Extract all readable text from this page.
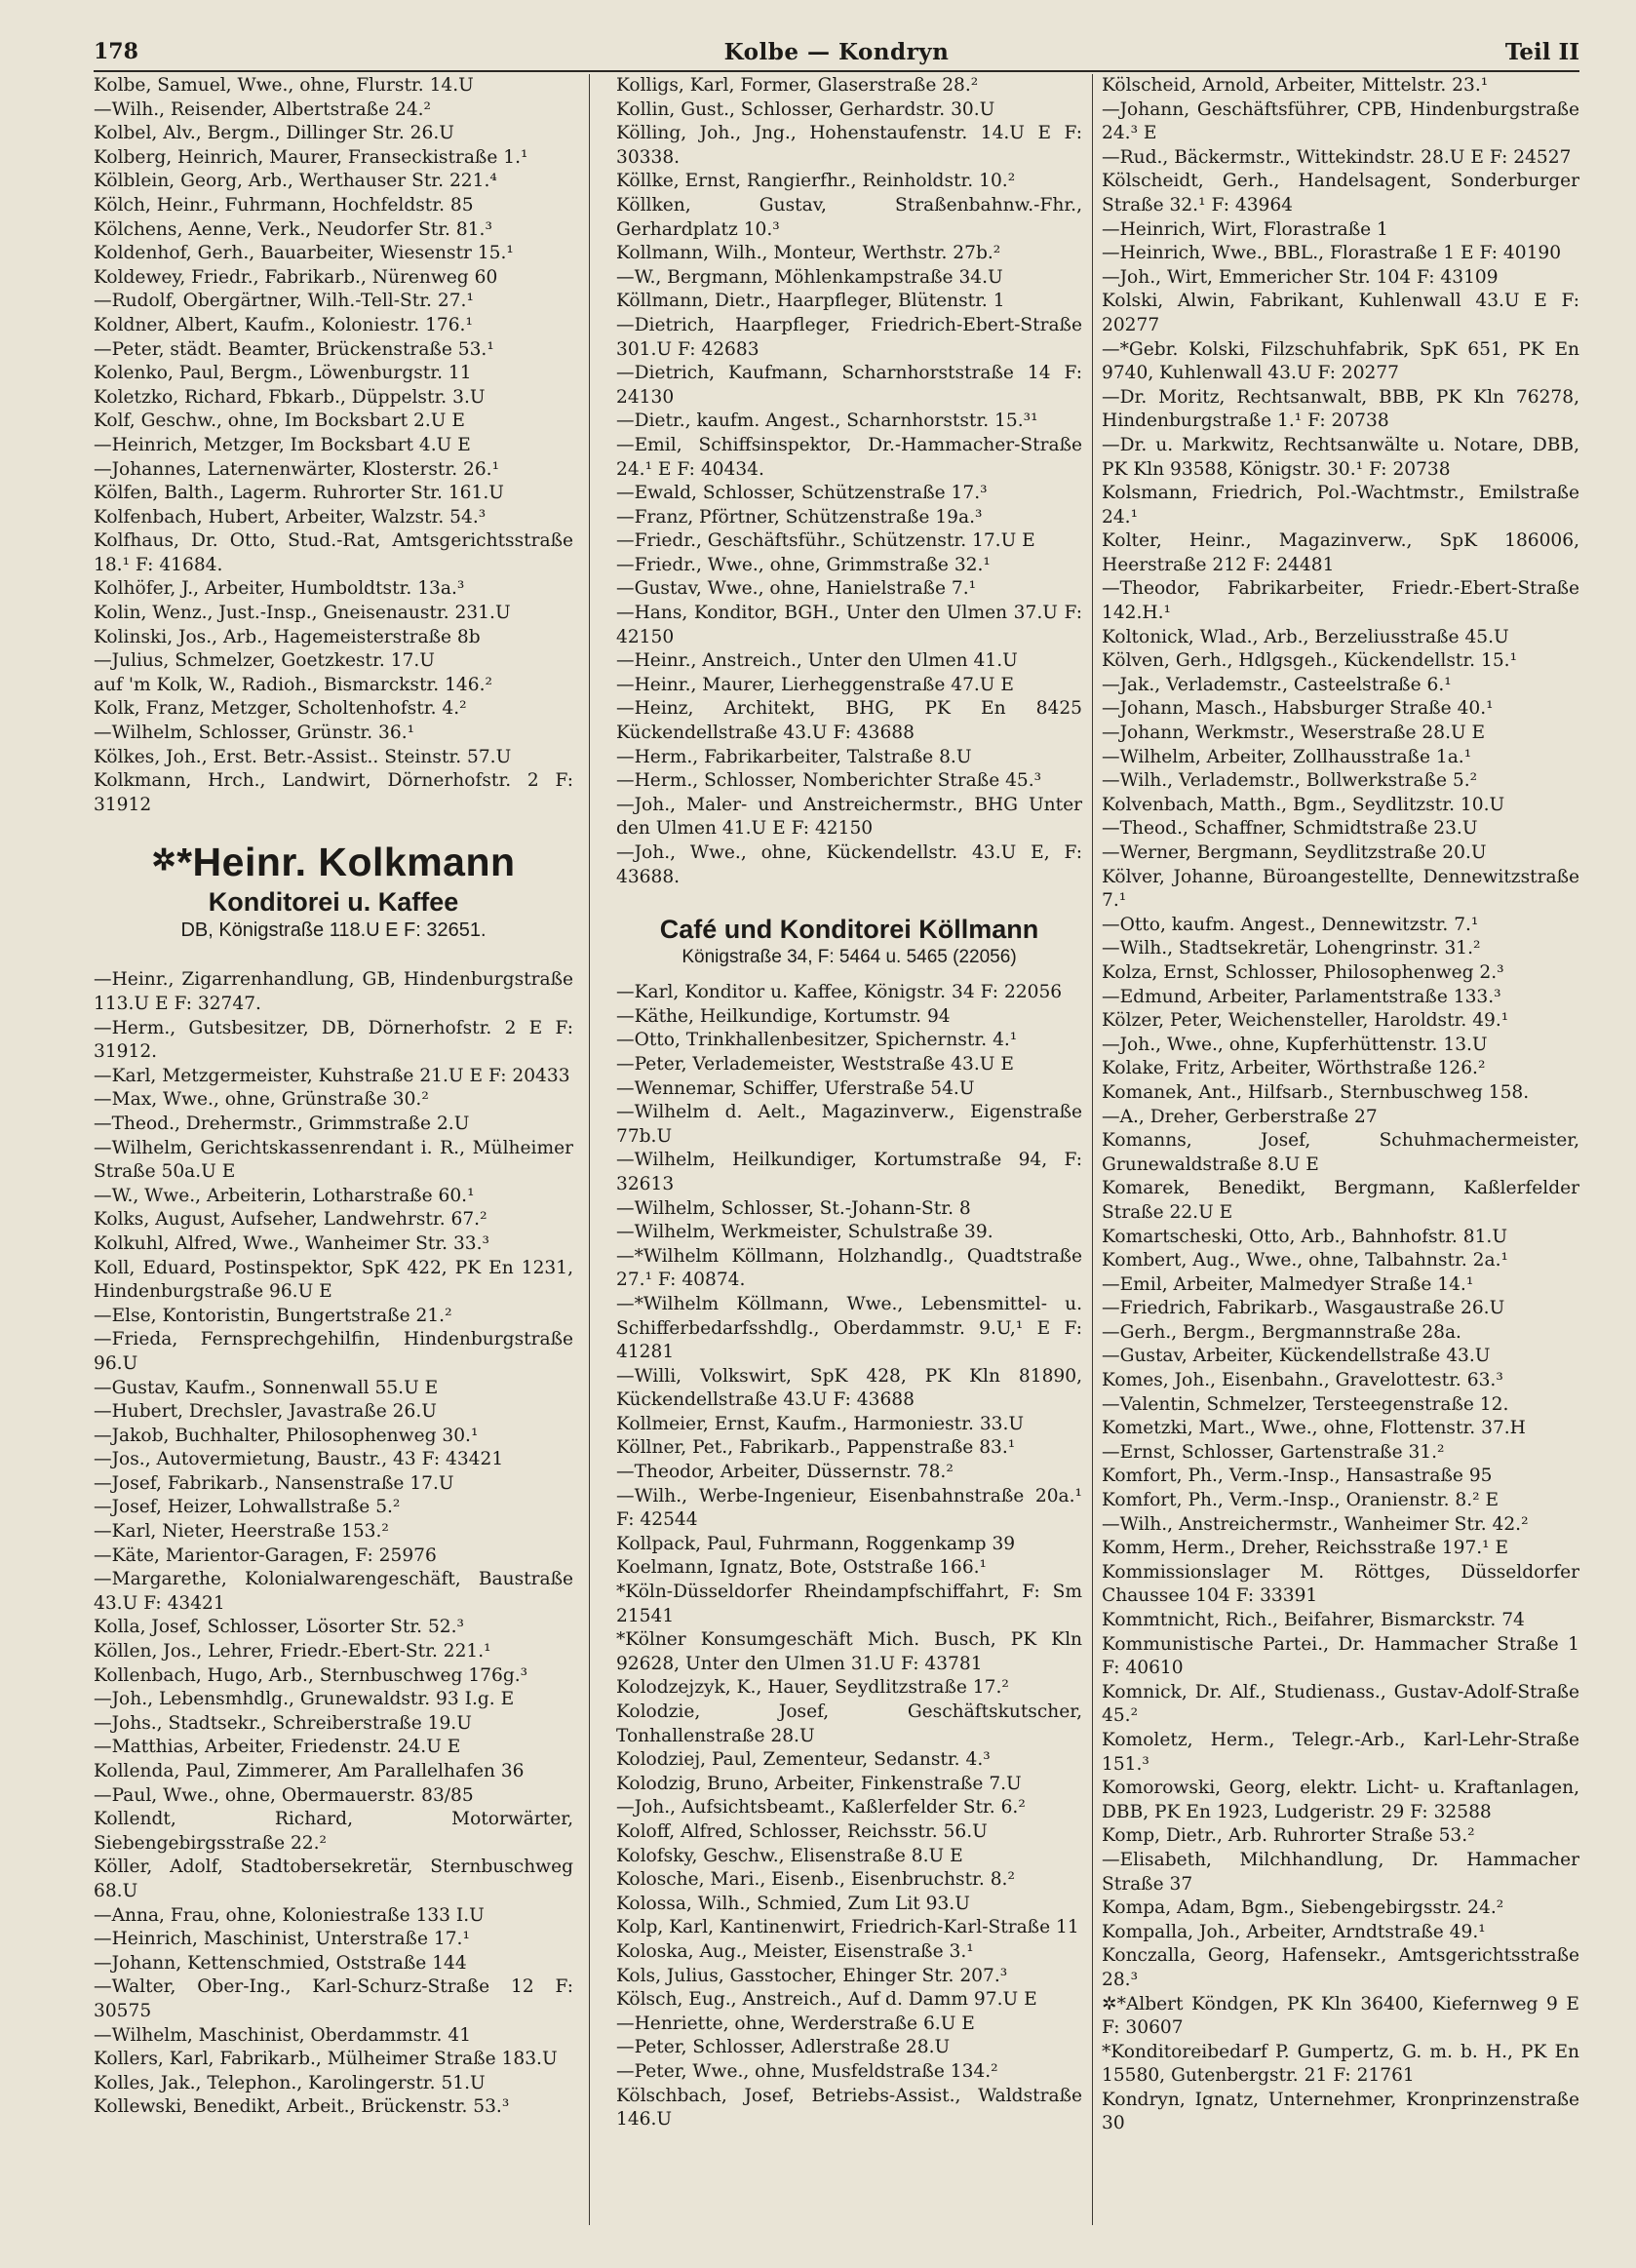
178	Kolbe — Kondryn	Teil II
Kolbe, Samuel, Wwe., ohne, Flurstr. 14.U
—Wilh., Reisender, Albertstraße 24.²
Kolbel, Alv., Bergm., Dillinger Str. 26.U
Kolberg, Heinrich, Maurer, Franseckistraße 1.¹
Kölblein, Georg, Arb., Werthauser Str. 221.⁴
Kölch, Heinr., Fuhrmann, Hochfeldstr. 85
Kölchens, Aenne, Verk., Neudorfer Str. 81.³
Koldenhof, Gerh., Bauarbeiter, Wiesenstr 15.¹
Koldewey, Friedr., Fabrikarb., Nürenweg 60
—Rudolf, Obergärtner, Wilh.-Tell-Str. 27.¹
Koldner, Albert, Kaufm., Koloniestr. 176.¹
—Peter, städt. Beamter, Brückenstraße 53.¹
Kolenko, Paul, Bergm., Löwenburgstr. 11
Koletzko, Richard, Fbkarb., Düppelstr. 3.U
Kolf, Geschw., ohne, Im Bocksbart 2.U E
—Heinrich, Metzger, Im Bocksbart 4.U E
—Johannes, Laternenwärter, Klosterstr. 26.¹
Kölfen, Balth., Lagerm. Ruhrorter Str. 161.U
Kolfenbach, Hubert, Arbeiter, Walzstr. 54.³
Kolfhaus, Dr. Otto, Stud.-Rat, Amtsgerichtsstraße 18.¹ F: 41684.
Kolhöfer, J., Arbeiter, Humboldtstr. 13a.³
Kolin, Wenz., Just.-Insp., Gneisenaustr. 231.U
Kolinski, Jos., Arb., Hagemeisterstraße 8b
—Julius, Schmelzer, Goetzkestr. 17.U
auf 'm Kolk, W., Radioh., Bismarckstr. 146.²
Kolk, Franz, Metzger, Scholtenhofstr. 4.²
—Wilhelm, Schlosser, Grünstr. 36.¹
Kölkes, Joh., Erst. Betr.-Assist.. Steinstr. 57.U
Kolkmann, Hrch., Landwirt, Dörnerhofstr. 2 F: 31912
✲*Heinr. Kolkmann
Konditorei u. Kaffee
DB, Königstraße 118.U E F: 32651.
—Heinr., Zigarrenhandlung, GB, Hindenburgstraße 113.U E F: 32747.
—Herm., Gutsbesitzer, DB, Dörnerhofstr. 2 E F: 31912.
—Karl, Metzgermeister, Kuhstraße 21.U E F: 20433
—Max, Wwe., ohne, Grünstraße 30.²
—Theod., Drehermstr., Grimmstraße 2.U
—Wilhelm, Gerichtskassenrendant i. R., Mülheimer Straße 50a.U E
—W., Wwe., Arbeiterin, Lotharstraße 60.¹
Kolks, August, Aufseher, Landwehrstr. 67.²
Kolkuhl, Alfred, Wwe., Wanheimer Str. 33.³
Koll, Eduard, Postinspektor, SpK 422, PK En 1231, Hindenburgstraße 96.U E
—Else, Kontoristin, Bungertstraße 21.²
—Frieda, Fernsprechgehilfin, Hindenburgstraße 96.U
—Gustav, Kaufm., Sonnenwall 55.U E
—Hubert, Drechsler, Javastraße 26.U
—Jakob, Buchhalter, Philosophenweg 30.¹
—Jos., Autovermietung, Baustr., 43 F: 43421
—Josef, Fabrikarb., Nansenstraße 17.U
—Josef, Heizer, Lohwallstraße 5.²
—Karl, Nieter, Heerstraße 153.²
—Käte, Marientor-Garagen, F: 25976
—Margarethe, Kolonialwarengeschäft, Baustraße 43.U F: 43421
Kolla, Josef, Schlosser, Lösorter Str. 52.³
Köllen, Jos., Lehrer, Friedr.-Ebert-Str. 221.¹
Kollenbach, Hugo, Arb., Sternbuschweg 176g.³
—Joh., Lebensmhdlg., Grunewaldstr. 93 I.g. E
—Johs., Stadtsekr., Schreiberstraße 19.U
—Matthias, Arbeiter, Friedenstr. 24.U E
Kollenda, Paul, Zimmerer, Am Parallelhafen 36
—Paul, Wwe., ohne, Obermauerstr. 83/85
Kollendt, Richard, Motorwärter, Siebengebirgsstraße 22.²
Köller, Adolf, Stadtobersekretär, Sternbuschweg 68.U
—Anna, Frau, ohne, Koloniestraße 133 I.U
—Heinrich, Maschinist, Unterstraße 17.¹
—Johann, Kettenschmied, Oststraße 144
—Walter, Ober-Ing., Karl-Schurz-Straße 12 F: 30575
—Wilhelm, Maschinist, Oberdammstr. 41
Kollers, Karl, Fabrikarb., Mülheimer Straße 183.U
Kolles, Jak., Telephon., Karolingerstr. 51.U
Kollewski, Benedikt, Arbeit., Brückenstr. 53.³
Kolligs, Karl, Former, Glaserstraße 28.²
Kollin, Gust., Schlosser, Gerhardstr. 30.U
Kölling, Joh., Jng., Hohenstaufenstr. 14.U E F: 30338.
Köllke, Ernst, Rangierfhr., Reinholdstr. 10.²
Köllken, Gustav, Straßenbahnw.-Fhr., Gerhardplatz 10.³
Kollmann, Wilh., Monteur, Werthstr. 27b.²
—W., Bergmann, Möhlenkampstraße 34.U
Köllmann, Dietr., Haarpfleger, Blütenstr. 1
—Dietrich, Haarpfleger, Friedrich-Ebert-Straße 301.U F: 42683
—Dietrich, Kaufmann, Scharnhorststraße 14 F: 24130
—Dietr., kaufm. Angest., Scharnhorststr. 15.³¹
—Emil, Schiffsinspektor, Dr.-Hammacher-Straße 24.¹ E F: 40434.
—Ewald, Schlosser, Schützenstraße 17.³
—Franz, Pförtner, Schützenstraße 19a.³
—Friedr., Geschäftsführ., Schützenstr. 17.U E
—Friedr., Wwe., ohne, Grimmstraße 32.¹
—Gustav, Wwe., ohne, Hanielstraße 7.¹
—Hans, Konditor, BGH., Unter den Ulmen 37.U F: 42150
—Heinr., Anstreich., Unter den Ulmen 41.U
—Heinr., Maurer, Lierheggenstraße 47.U E
—Heinz, Architekt, BHG, PK En 8425 Kückendellstraße 43.U F: 43688
—Herm., Fabrikarbeiter, Talstraße 8.U
—Herm., Schlosser, Nomberichter Straße 45.³
—Joh., Maler- und Anstreichermstr., BHG Unter den Ulmen 41.U E F: 42150
—Joh., Wwe., ohne, Kückendellstr. 43.U E, F: 43688.
Café und Konditorei Köllmann
Königstraße 34, F: 5464 u. 5465 (22056)
—Karl, Konditor u. Kaffee, Königstr. 34 F: 22056
—Käthe, Heilkundige, Kortumstr. 94
—Otto, Trinkhallenbesitzer, Spichernstr. 4.¹
—Peter, Verlademeister, Weststraße 43.U E
—Wennemar, Schiffer, Uferstraße 54.U
—Wilhelm d. Aelt., Magazinverw., Eigenstraße 77b.U
—Wilhelm, Heilkundiger, Kortumstraße 94, F: 32613
—Wilhelm, Schlosser, St.-Johann-Str. 8
—Wilhelm, Werkmeister, Schulstraße 39.
—*Wilhelm Köllmann, Holzhandlg., Quadtstraße 27.¹ F: 40874.
—*Wilhelm Köllmann, Wwe., Lebensmittel- u. Schifferbedarfsshdlg., Oberdammstr. 9.U,¹ E F: 41281
—Willi, Volkswirt, SpK 428, PK Kln 81890, Kückendellstraße 43.U F: 43688
Kollmeier, Ernst, Kaufm., Harmoniestr. 33.U
Köllner, Pet., Fabrikarb., Pappenstraße 83.¹
—Theodor, Arbeiter, Düssernstr. 78.²
—Wilh., Werbe-Ingenieur, Eisenbahnstraße 20a.¹ F: 42544
Kollpack, Paul, Fuhrmann, Roggenkamp 39
Koelmann, Ignatz, Bote, Oststraße 166.¹
*Köln-Düsseldorfer Rheindampfschiffahrt, F: Sm 21541
*Kölner Konsumgeschäft Mich. Busch, PK Kln 92628, Unter den Ulmen 31.U F: 43781
Kolodzejzyk, K., Hauer, Seydlitzstraße 17.²
Kolodzie, Josef, Geschäftskutscher, Tonhallenstraße 28.U
Kolodziej, Paul, Zementeur, Sedanstr. 4.³
Kolodzig, Bruno, Arbeiter, Finkenstraße 7.U
—Joh., Aufsichtsbeamt., Kaßlerfelder Str. 6.²
Koloff, Alfred, Schlosser, Reichsstr. 56.U
Kolofsky, Geschw., Elisenstraße 8.U E
Kolosche, Mari., Eisenb., Eisenbruchstr. 8.²
Kolossa, Wilh., Schmied, Zum Lit 93.U
Kolp, Karl, Kantinenwirt, Friedrich-Karl-Straße 11
Koloska, Aug., Meister, Eisenstraße 3.¹
Kols, Julius, Gasstocher, Ehinger Str. 207.³
Kölsch, Eug., Anstreich., Auf d. Damm 97.U E
—Henriette, ohne, Werderstraße 6.U E
—Peter, Schlosser, Adlerstraße 28.U
—Peter, Wwe., ohne, Musfeldstraße 134.²
Kölschbach, Josef, Betriebs-Assist., Waldstraße 146.U
Kölscheid, Arnold, Arbeiter, Mittelstr. 23.¹
—Johann, Geschäftsführer, CPB, Hindenburgstraße 24.³ E
—Rud., Bäckermstr., Wittekindstr. 28.U E F: 24527
Kölscheidt, Gerh., Handelsagent, Sonderburger Straße 32.¹ F: 43964
—Heinrich, Wirt, Florastraße 1
—Heinrich, Wwe., BBL., Florastraße 1 E F: 40190
—Joh., Wirt, Emmericher Str. 104 F: 43109
Kolski, Alwin, Fabrikant, Kuhlenwall 43.U E F: 20277
—*Gebr. Kolski, Filzschuhfabrik, SpK 651, PK En 9740, Kuhlenwall 43.U F: 20277
—Dr. Moritz, Rechtsanwalt, BBB, PK Kln 76278, Hindenburgstraße 1.¹ F: 20738
—Dr. u. Markwitz, Rechtsanwälte u. Notare, DBB, PK Kln 93588, Königstr. 30.¹ F: 20738
Kolsmann, Friedrich, Pol.-Wachtmstr., Emilstraße 24.¹
Kolter, Heinr., Magazinverw., SpK 186006, Heerstraße 212 F: 24481
—Theodor, Fabrikarbeiter, Friedr.-Ebert-Straße 142.H.¹
Koltonick, Wlad., Arb., Berzeliusstraße 45.U
Kölven, Gerh., Hdlgsgeh., Kückendellstr. 15.¹
—Jak., Verlademstr., Casteelstraße 6.¹
—Johann, Masch., Habsburger Straße 40.¹
—Johann, Werkmstr., Weserstraße 28.U E
—Wilhelm, Arbeiter, Zollhausstraße 1a.¹
—Wilh., Verlademstr., Bollwerkstraße 5.²
Kolvenbach, Matth., Bgm., Seydlitzstr. 10.U
—Theod., Schaffner, Schmidtstraße 23.U
—Werner, Bergmann, Seydlitzstraße 20.U
Kölver, Johanne, Büroangestellte, Dennewitzstraße 7.¹
—Otto, kaufm. Angest., Dennewitzstr. 7.¹
—Wilh., Stadtsekretär, Lohengrinstr. 31.²
Kolza, Ernst, Schlosser, Philosophenweg 2.³
—Edmund, Arbeiter, Parlamentstraße 133.³
Kölzer, Peter, Weichensteller, Haroldstr. 49.¹
—Joh., Wwe., ohne, Kupferhüttenstr. 13.U
Kolake, Fritz, Arbeiter, Wörthstraße 126.²
Komanek, Ant., Hilfsarb., Sternbuschweg 158.
—A., Dreher, Gerberstraße 27
Komanns, Josef, Schuhmachermeister, Grunewaldstraße 8.U E
Komarek, Benedikt, Bergmann, Kaßlerfelder Straße 22.U E
Komartscheski, Otto, Arb., Bahnhofstr. 81.U
Kombert, Aug., Wwe., ohne, Talbahnstr. 2a.¹
—Emil, Arbeiter, Malmedyer Straße 14.¹
—Friedrich, Fabrikarb., Wasgaustraße 26.U
—Gerh., Bergm., Bergmannstraße 28a.
—Gustav, Arbeiter, Kückendellstraße 43.U
Komes, Joh., Eisenbahn., Gravelottestr. 63.³
—Valentin, Schmelzer, Tersteegenstraße 12.
Kometzki, Mart., Wwe., ohne, Flottenstr. 37.H
—Ernst, Schlosser, Gartenstraße 31.²
Komfort, Ph., Verm.-Insp., Hansastraße 95
Komfort, Ph., Verm.-Insp., Oranienstr. 8.² E
—Wilh., Anstreichermstr., Wanheimer Str. 42.²
Komm, Herm., Dreher, Reichsstraße 197.¹ E
Kommissionslager M. Röttges, Düsseldorfer Chaussee 104 F: 33391
Kommtnicht, Rich., Beifahrer, Bismarckstr. 74
Kommunistische Partei., Dr. Hammacher Straße 1 F: 40610
Komnick, Dr. Alf., Studienass., Gustav-Adolf-Straße 45.²
Komoletz, Herm., Telegr.-Arb., Karl-Lehr-Straße 151.³
Komorowski, Georg, elektr. Licht- u. Kraftanlagen, DBB, PK En 1923, Ludgeristr. 29 F: 32588
Komp, Dietr., Arb. Ruhrorter Straße 53.²
—Elisabeth, Milchhandlung, Dr. Hammacher Straße 37
Kompa, Adam, Bgm., Siebengebirgsstr. 24.²
Kompalla, Joh., Arbeiter, Arndtstraße 49.¹
Konczalla, Georg, Hafensekr., Amtsgerichtsstraße 28.³
✲*Albert Köndgen, PK Kln 36400, Kiefernweg 9 E F: 30607
*Konditoreibedarf P. Gumpertz, G. m. b. H., PK En 15580, Gutenbergstr. 21 F: 21761
Kondryn, Ignatz, Unternehmer, Kronprinzenstraße 30
